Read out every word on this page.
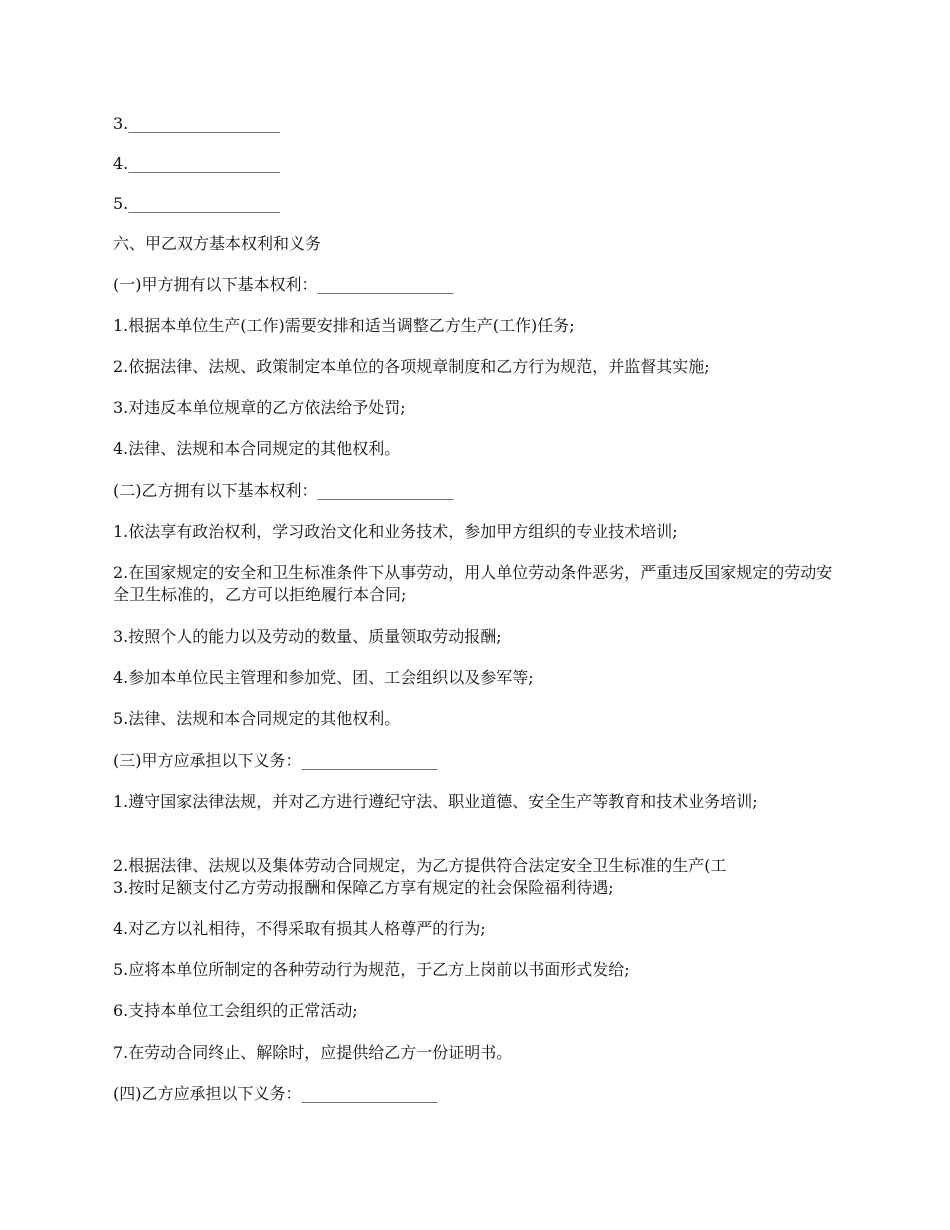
3.___________________

4.___________________

5.___________________

六、甲乙双方基本权利和义务

(一)甲方拥有以下基本权利：_________________

1.根据本单位生产(工作)需要安排和适当调整乙方生产(工作)任务;

2.依据法律、法规、政策制定本单位的各项规章制度和乙方行为规范，并监督其实施;

3.对违反本单位规章的乙方依法给予处罚;

4.法律、法规和本合同规定的其他权利。

(二)乙方拥有以下基本权利：_________________

1.依法享有政治权利，学习政治文化和业务技术，参加甲方组织的专业技术培训;

2.在国家规定的安全和卫生标准条件下从事劳动，用人单位劳动条件恶劣，严重违反国家规定的劳动安全卫生标准的，乙方可以拒绝履行本合同;

3.按照个人的能力以及劳动的数量、质量领取劳动报酬;

4.参加本单位民主管理和参加党、团、工会组织以及参军等;

5.法律、法规和本合同规定的其他权利。

(三)甲方应承担以下义务：_________________

1.遵守国家法律法规，并对乙方进行遵纪守法、职业道德、安全生产等教育和技术业务培训;

2.根据法律、法规以及集体劳动合同规定，为乙方提供符合法定安全卫生标准的生产(工

3.按时足额支付乙方劳动报酬和保障乙方享有规定的社会保险福利待遇;

4.对乙方以礼相待，不得采取有损其人格尊严的行为;

5.应将本单位所制定的各种劳动行为规范，于乙方上岗前以书面形式发给;

6.支持本单位工会组织的正常活动;

7.在劳动合同终止、解除时，应提供给乙方一份证明书。

(四)乙方应承担以下义务：_________________
